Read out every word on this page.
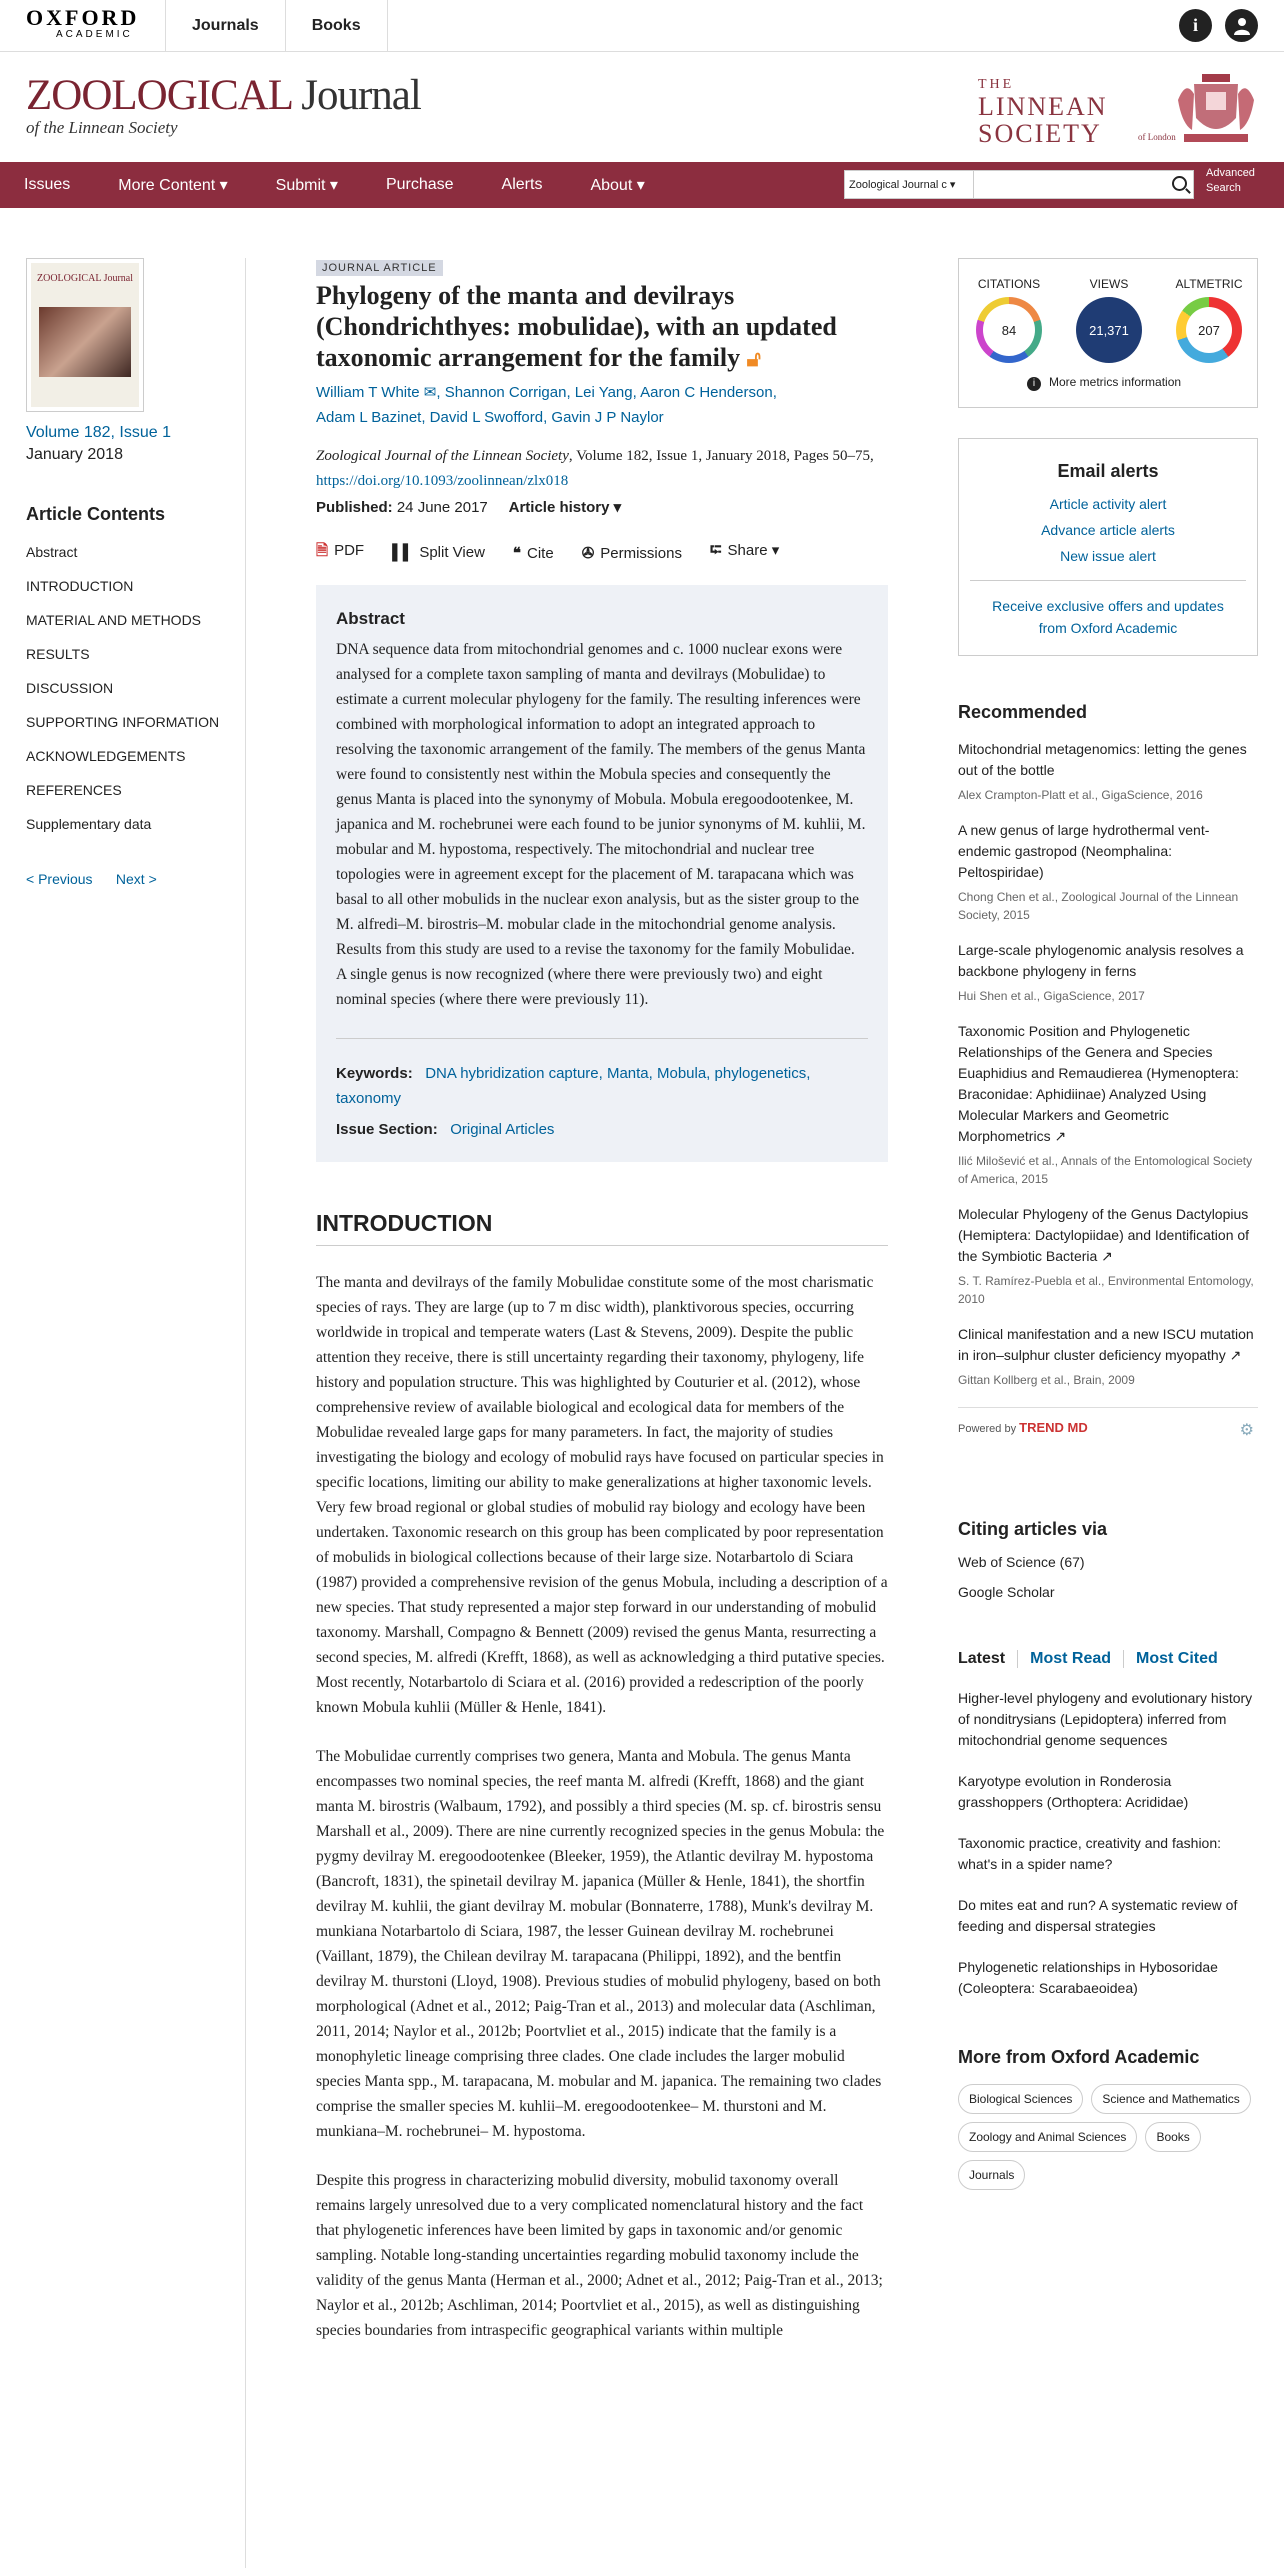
OXFORD
ACADEMIC
Journals	Books	i
ZOOLOGICAL Journal
of the Linnean Society
THE
LINNEAN
SOCIETY	of London
Issues	More Content ▾	Submit ▾	Purchase	Alerts	About ▾	Zoological Journal c ▾
Advanced
Search
ZOOLOGICAL Journal
Volume 182, Issue 1
January 2018
Article Contents
Abstract
INTRODUCTION
MATERIAL AND METHODS
RESULTS
DISCUSSION
SUPPORTING INFORMATION
ACKNOWLEDGEMENTS
REFERENCES
Supplementary data
< Previous Next >
JOURNAL ARTICLE
Phylogeny of the manta and devilrays (Chondrichthyes: mobulidae), with an updated taxonomic arrangement for the family 🔓︎
William T White ✉, Shannon Corrigan, Lei Yang, Aaron C Henderson,
Adam L Bazinet, David L Swofford, Gavin J P Naylor
Zoological Journal of the Linnean Society, Volume 182, Issue 1, January 2018, Pages 50–75, https://doi.org/10.1093/zoolinnean/zlx018
Published: 24 June 2017 Article history ▾
🗎︎ PDF ▌▌ Split View ❝ Cite ✇︎ Permissions ⮓︎ Share ▾
Abstract

DNA sequence data from mitochondrial genomes and c. 1000 nuclear exons were analysed for a complete taxon sampling of manta and devilrays (Mobulidae) to estimate a current molecular phylogeny for the family. The resulting inferences were combined with morphological information to adopt an integrated approach to resolving the taxonomic arrangement of the family. The members of the genus Manta were found to consistently nest within the Mobula species and consequently the genus Manta is placed into the synonymy of Mobula. Mobula eregoodootenkee, M. japanica and M. rochebrunei were each found to be junior synonyms of M. kuhlii, M. mobular and M. hypostoma, respectively. The mitochondrial and nuclear tree topologies were in agreement except for the placement of M. tarapacana which was basal to all other mobulids in the nuclear exon analysis, but as the sister group to the M. alfredi–M. birostris–M. mobular clade in the mitochondrial genome analysis. Results from this study are used to a revise the taxonomy for the family Mobulidae. A single genus is now recognized (where there were previously two) and eight nominal species (where there were previously 11).

Keywords: DNA hybridization capture, Manta, Mobula, phylogenetics, taxonomy

Issue Section: Original Articles
INTRODUCTION

The manta and devilrays of the family Mobulidae constitute some of the most charismatic species of rays. They are large (up to 7 m disc width), planktivorous species, occurring worldwide in tropical and temperate waters (Last & Stevens, 2009). Despite the public attention they receive, there is still uncertainty regarding their taxonomy, phylogeny, life history and population structure. This was highlighted by Couturier et al. (2012), whose comprehensive review of available biological and ecological data for members of the Mobulidae revealed large gaps for many parameters. In fact, the majority of studies investigating the biology and ecology of mobulid rays have focused on particular species in specific locations, limiting our ability to make generalizations at higher taxonomic levels. Very few broad regional or global studies of mobulid ray biology and ecology have been undertaken. Taxonomic research on this group has been complicated by poor representation of mobulids in biological collections because of their large size. Notarbartolo di Sciara (1987) provided a comprehensive revision of the genus Mobula, including a description of a new species. That study represented a major step forward in our understanding of mobulid taxonomy. Marshall, Compagno & Bennett (2009) revised the genus Manta, resurrecting a second species, M. alfredi (Krefft, 1868), as well as acknowledging a third putative species. Most recently, Notarbartolo di Sciara et al. (2016) provided a redescription of the poorly known Mobula kuhlii (Müller & Henle, 1841).

The Mobulidae currently comprises two genera, Manta and Mobula. The genus Manta encompasses two nominal species, the reef manta M. alfredi (Krefft, 1868) and the giant manta M. birostris (Walbaum, 1792), and possibly a third species (M. sp. cf. birostris sensu Marshall et al., 2009). There are nine currently recognized species in the genus Mobula: the pygmy devilray M. eregoodootenkee (Bleeker, 1959), the Atlantic devilray M. hypostoma (Bancroft, 1831), the spinetail devilray M. japanica (Müller & Henle, 1841), the shortfin devilray M. kuhlii, the giant devilray M. mobular (Bonnaterre, 1788), Munk's devilray M. munkiana Notarbartolo di Sciara, 1987, the lesser Guinean devilray M. rochebrunei (Vaillant, 1879), the Chilean devilray M. tarapacana (Philippi, 1892), and the bentfin devilray M. thurstoni (Lloyd, 1908). Previous studies of mobulid phylogeny, based on both morphological (Adnet et al., 2012; Paig-Tran et al., 2013) and molecular data (Aschliman, 2011, 2014; Naylor et al., 2012b; Poortvliet et al., 2015) indicate that the family is a monophyletic lineage comprising three clades. One clade includes the larger mobulid species Manta spp., M. tarapacana, M. mobular and M. japanica. The remaining two clades comprise the smaller species M. kuhlii–M. eregoodootenkee– M. thurstoni and M. munkiana–M. rochebrunei– M. hypostoma.

Despite this progress in characterizing mobulid diversity, mobulid taxonomy overall remains largely unresolved due to a very complicated nomenclatural history and the fact that phylogenetic inferences have been limited by gaps in taxonomic and/or genomic sampling. Notable long-standing uncertainties regarding mobulid taxonomy include the validity of the genus Manta (Herman et al., 2000; Adnet et al., 2012; Paig-Tran et al., 2013; Naylor et al., 2012b; Aschliman, 2014; Poortvliet et al., 2015), as well as distinguishing species boundaries from intraspecific geographical variants within multiple

CITATIONS
84
VIEWS
21,371
ALTMETRIC
207
i More metrics information
Email alerts
Article activity alert
Advance article alerts
New issue alert
Receive exclusive offers and updates from Oxford Academic
Recommended
Mitochondrial metagenomics: letting the genes out of the bottle
Alex Crampton-Platt et al., GigaScience, 2016
A new genus of large hydrothermal vent-endemic gastropod (Neomphalina: Peltospiridae)
Chong Chen et al., Zoological Journal of the Linnean Society, 2015
Large-scale phylogenomic analysis resolves a backbone phylogeny in ferns
Hui Shen et al., GigaScience, 2017
Taxonomic Position and Phylogenetic Relationships of the Genera and Species Euaphidius and Remaudierea (Hymenoptera: Braconidae: Aphidiinae) Analyzed Using Molecular Markers and Geometric Morphometrics ↗
Ilić Milošević et al., Annals of the Entomological Society of America, 2015
Molecular Phylogeny of the Genus Dactylopius (Hemiptera: Dactylopiidae) and Identification of the Symbiotic Bacteria ↗
S. T. Ramírez-Puebla et al., Environmental Entomology, 2010
Clinical manifestation and a new ISCU mutation in iron–sulphur cluster deficiency myopathy ↗
Gittan Kollberg et al., Brain, 2009
Powered by TREND MD	⚙︎
Citing articles via
Web of Science (67)
Google Scholar
Latest	Most Read	Most Cited
Higher-level phylogeny and evolutionary history of nonditrysians (Lepidoptera) inferred from mitochondrial genome sequences
Karyotype evolution in Ronderosia grasshoppers (Orthoptera: Acrididae)
Taxonomic practice, creativity and fashion: what's in a spider name?
Do mites eat and run? A systematic review of feeding and dispersal strategies
Phylogenetic relationships in Hybosoridae (Coleoptera: Scarabaeoidea)
More from Oxford Academic
Biological Sciences	Science and Mathematics
Zoology and Animal Sciences	Books
Journals
